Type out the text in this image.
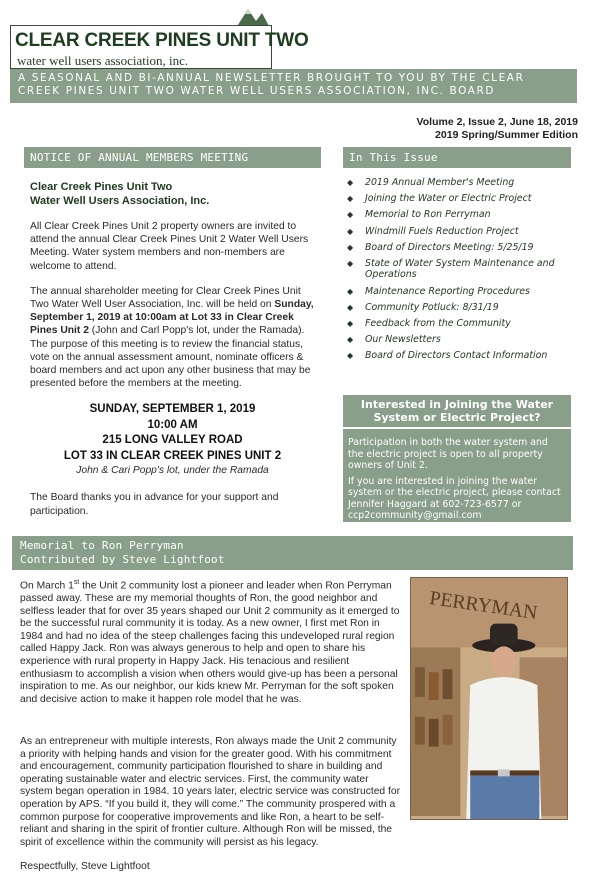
CLEAR CREEK PINES UNIT TWO
water well users association, inc.
A SEASONAL AND BI-ANNUAL NEWSLETTER BROUGHT TO YOU BY THE CLEAR CREEK PINES UNIT TWO WATER WELL USERS ASSOCIATION, INC. BOARD
Volume 2, Issue 2, June 18, 2019
2019 Spring/Summer Edition
NOTICE OF ANNUAL MEMBERS MEETING
Clear Creek Pines Unit Two
Water Well Users Association, Inc.
All Clear Creek Pines Unit 2 property owners are invited to attend the annual Clear Creek Pines Unit 2 Water Well Users Meeting. Water system members and non-members are welcome to attend.
The annual shareholder meeting for Clear Creek Pines Unit Two Water Well User Association, Inc. will be held on Sunday, September 1, 2019 at 10:00am at Lot 33 in Clear Creek Pines Unit 2 (John and Carl Popp's lot, under the Ramada). The purpose of this meeting is to review the financial status, vote on the annual assessment amount, nominate officers & board members and act upon any other business that may be presented before the members at the meeting.
SUNDAY, SEPTEMBER 1, 2019
10:00 AM
215 LONG VALLEY ROAD
LOT 33 IN CLEAR CREEK PINES UNIT 2
John & Cari Popp's lot, under the Ramada
The Board thanks you in advance for your support and participation.
In This Issue
◆ 2019 Annual Member's Meeting
◆ Joining the Water or Electric Project
◆ Memorial to Ron Perryman
◆ Windmill Fuels Reduction Project
◆ Board of Directors Meeting: 5/25/19
◆ State of Water System Maintenance and Operations
◆ Maintenance Reporting Procedures
◆ Community Potluck: 8/31/19
◆ Feedback from the Community
◆ Our Newsletters
◆ Board of Directors Contact Information
Interested in Joining the Water System or Electric Project?

Participation in both the water system and the electric project is open to all property owners of Unit 2.

If you are interested in joining the water system or the electric project, please contact Jennifer Haggard at 602-723-6577 or ccp2community@gmail.com

Memorial to Ron Perryman
Contributed by Steve Lightfoot

On March 1st the Unit 2 community lost a pioneer and leader when Ron Perryman passed away. These are my memorial thoughts of Ron, the good neighbor and selfless leader that for over 35 years shaped our Unit 2 community as it emerged to be the successful rural community it is today. As a new owner, I first met Ron in 1984 and had no idea of the steep challenges facing this undeveloped rural region called Happy Jack. Ron was always generous to help and open to share his experience with rural property in Happy Jack. His tenacious and resilient enthusiasm to accomplish a vision when others would give-up has been a personal inspiration to me. As our neighbor, our kids knew Mr. Perryman for the soft spoken and decisive action to make it happen role model that he was.

As an entrepreneur with multiple interests, Ron always made the Unit 2 community a priority with helping hands and vision for the greater good. With his commitment and encouragement, community participation flourished to share in building and operating sustainable water and electric services. First, the community water system began operation in 1984. 10 years later, electric service was constructed for operation by APS. “If you build it, they will come.” The community prospered with a common purpose for cooperative improvements and like Ron, a heart to be self-reliant and sharing in the spirit of frontier culture. Although Ron will be missed, the spirit of excellence within the community will persist as his legacy.

Respectfully, Steve Lightfoot

PERRYMAN
